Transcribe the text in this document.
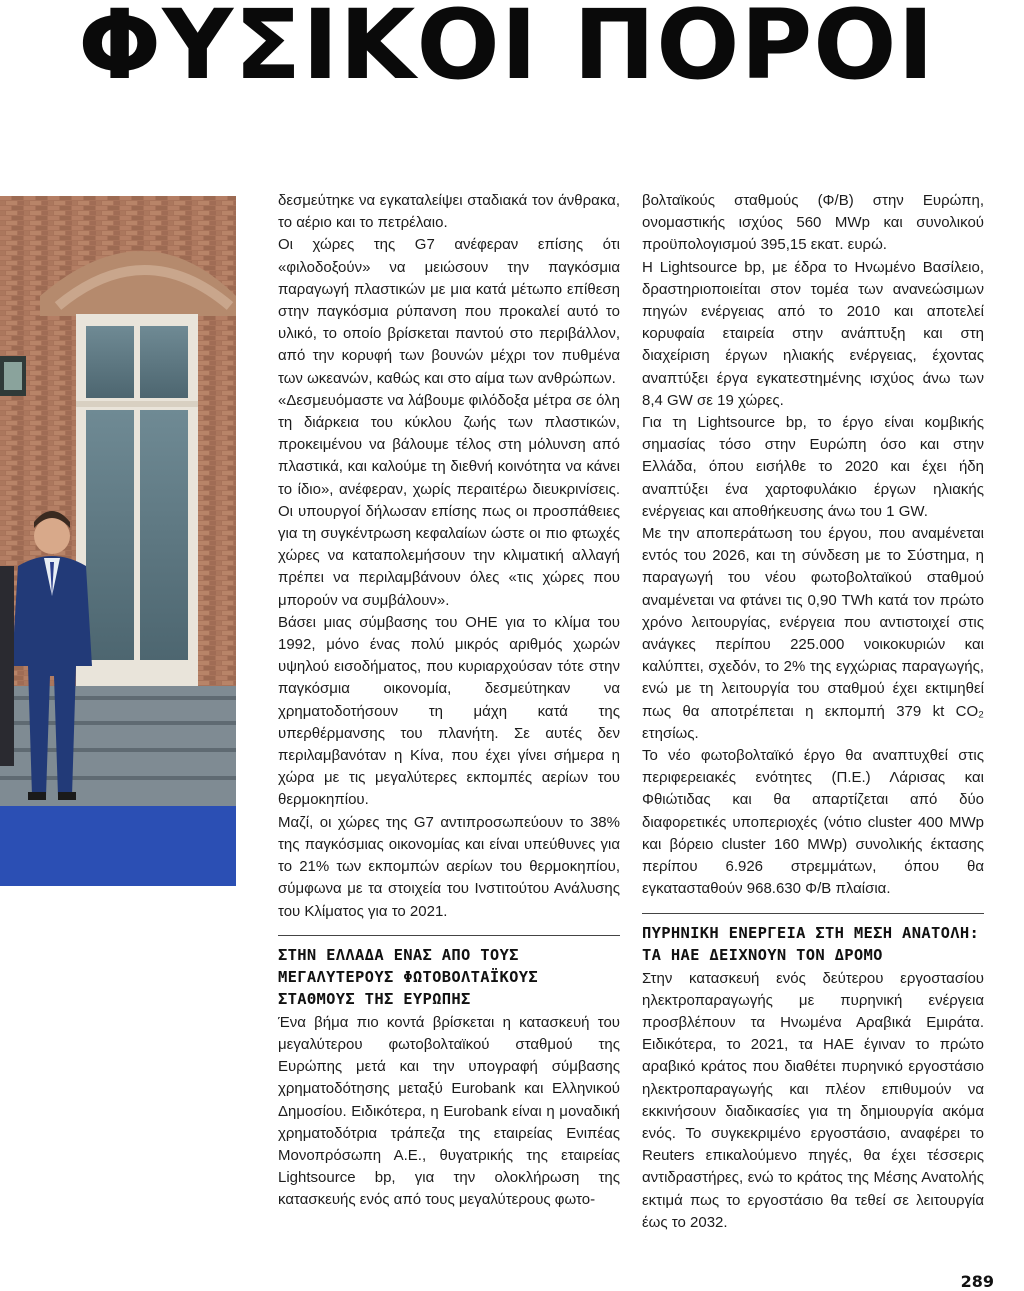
ΦΥΣΙΚΟΙ ΠΟΡΟΙ

δεσμεύτηκε να εγκαταλείψει σταδιακά τον άνθρακα, το αέριο και το πετρέλαιο.

Οι χώρες της G7 ανέφεραν επίσης ότι «φιλοδοξούν» να μειώσουν την παγκόσμια παραγωγή πλαστικών με μια κατά μέτωπο επίθεση στην παγκόσμια ρύπανση που προκαλεί αυτό το υλικό, το οποίο βρίσκεται παντού στο περιβάλλον, από την κορυφή των βουνών μέχρι τον πυθμένα των ωκεανών, καθώς και στο αίμα των ανθρώπων.

«Δεσμευόμαστε να λάβουμε φιλόδοξα μέτρα σε όλη τη διάρκεια του κύκλου ζωής των πλαστικών, προκειμένου να βάλουμε τέλος στη μόλυνση από πλαστικά, και καλούμε τη διεθνή κοινότητα να κάνει το ίδιο», ανέφεραν, χωρίς περαιτέρω διευκρινίσεις. Οι υπουργοί δήλωσαν επίσης πως οι προσπάθειες για τη συγκέντρωση κεφαλαίων ώστε οι πιο φτωχές χώρες να καταπολεμήσουν την κλιματική αλλαγή πρέπει να περιλαμβάνουν όλες «τις χώρες που μπορούν να συμβάλουν».

Βάσει μιας σύμβασης του ΟΗΕ για το κλίμα του 1992, μόνο ένας πολύ μικρός αριθμός χωρών υψηλού εισοδήματος, που κυριαρχούσαν τότε στην παγκόσμια οικονομία, δεσμεύτηκαν να χρηματοδοτήσουν τη μάχη κατά της υπερθέρμανσης του πλανήτη. Σε αυτές δεν περιλαμβανόταν η Κίνα, που έχει γίνει σήμερα η χώρα με τις μεγαλύτερες εκπομπές αερίων του θερμοκηπίου.

Μαζί, οι χώρες της G7 αντιπροσωπεύουν το 38% της παγκόσμιας οικονομίας και είναι υπεύθυνες για το 21% των εκπομπών αερίων του θερμοκηπίου, σύμφωνα με τα στοιχεία του Ινστιτούτου Ανάλυσης του Κλίματος για το 2021.

ΣΤΗΝ ΕΛΛΑΔΑ ΕΝΑΣ ΑΠΟ ΤΟΥΣ ΜΕΓΑΛΥΤΕΡΟΥΣ ΦΩΤΟΒΟΛΤΑΪΚΟΥΣ ΣΤΑΘΜΟΥΣ ΤΗΣ ΕΥΡΩΠΗΣ

Ένα βήμα πιο κοντά βρίσκεται η κατασκευή του μεγαλύτερου φωτοβολταϊκού σταθμού της Ευρώπης μετά και την υπογραφή σύμβασης χρηματοδότησης μεταξύ Eurobank και Ελληνικού Δημοσίου. Ειδικότερα, η Eurobank είναι η μοναδική χρηματοδότρια τράπεζα της εταιρείας Ενιπέας Μονοπρόσωπη Α.Ε., θυγατρικής της εταιρείας Lightsource bp, για την ολοκλήρωση της κατασκευής ενός από τους μεγαλύτερους φωτο-

βολταϊκούς σταθμούς (Φ/Β) στην Ευρώπη, ονομαστικής ισχύος 560 MWp και συνολικού προϋπολογισμού 395,15 εκατ. ευρώ.

Η Lightsource bp, με έδρα το Ηνωμένο Βασίλειο, δραστηριοποιείται στον τομέα των ανανεώσιμων πηγών ενέργειας από το 2010 και αποτελεί κορυφαία εταιρεία στην ανάπτυξη και στη διαχείριση έργων ηλιακής ενέργειας, έχοντας αναπτύξει έργα εγκατεστημένης ισχύος άνω των 8,4 GW σε 19 χώρες.

Για τη Lightsource bp, το έργο είναι κομβικής σημασίας τόσο στην Ευρώπη όσο και στην Ελλάδα, όπου εισήλθε το 2020 και έχει ήδη αναπτύξει ένα χαρτοφυλάκιο έργων ηλιακής ενέργειας και αποθήκευσης άνω του 1 GW.

Με την αποπεράτωση του έργου, που αναμένεται εντός του 2026, και τη σύνδεση με το Σύστημα, η παραγωγή του νέου φωτοβολταϊκού σταθμού αναμένεται να φτάνει τις 0,90 TWh κατά τον πρώτο χρόνο λειτουργίας, ενέργεια που αντιστοιχεί στις ανάγκες περίπου 225.000 νοικοκυριών και καλύπτει, σχεδόν, το 2% της εγχώριας παραγωγής, ενώ με τη λειτουργία του σταθμού έχει εκτιμηθεί πως θα αποτρέπεται η εκπομπή 379 kt CO₂ ετησίως.

Το νέο φωτοβολταϊκό έργο θα αναπτυχθεί στις περιφερειακές ενότητες (Π.Ε.) Λάρισας και Φθιώτιδας και θα απαρτίζεται από δύο διαφορετικές υποπεριοχές (νότιο cluster 400 MWp και βόρειο cluster 160 MWp) συνολικής έκτασης περίπου 6.926 στρεμμάτων, όπου θα εγκατασταθούν 968.630 Φ/Β πλαίσια.

ΠΥΡΗΝΙΚΗ ΕΝΕΡΓΕΙΑ ΣΤΗ ΜΕΣΗ ΑΝΑΤΟΛΗ: ΤΑ ΗΑΕ ΔΕΙΧΝΟΥΝ ΤΟΝ ΔΡΟΜΟ

Στην κατασκευή ενός δεύτερου εργοστασίου ηλεκτροπαραγωγής με πυρηνική ενέργεια προσβλέπουν τα Ηνωμένα Αραβικά Εμιράτα. Ειδικότερα, το 2021, τα ΗΑΕ έγιναν το πρώτο αραβικό κράτος που διαθέτει πυρηνικό εργοστάσιο ηλεκτροπαραγωγής και πλέον επιθυμούν να εκκινήσουν διαδικασίες για τη δημιουργία ακόμα ενός. Το συγκεκριμένο εργοστάσιο, αναφέρει το Reuters επικαλούμενο πηγές, θα έχει τέσσερις αντιδραστήρες, ενώ το κράτος της Μέσης Ανατολής εκτιμά πως το εργοστάσιο θα τεθεί σε λειτουργία έως το 2032.

289
